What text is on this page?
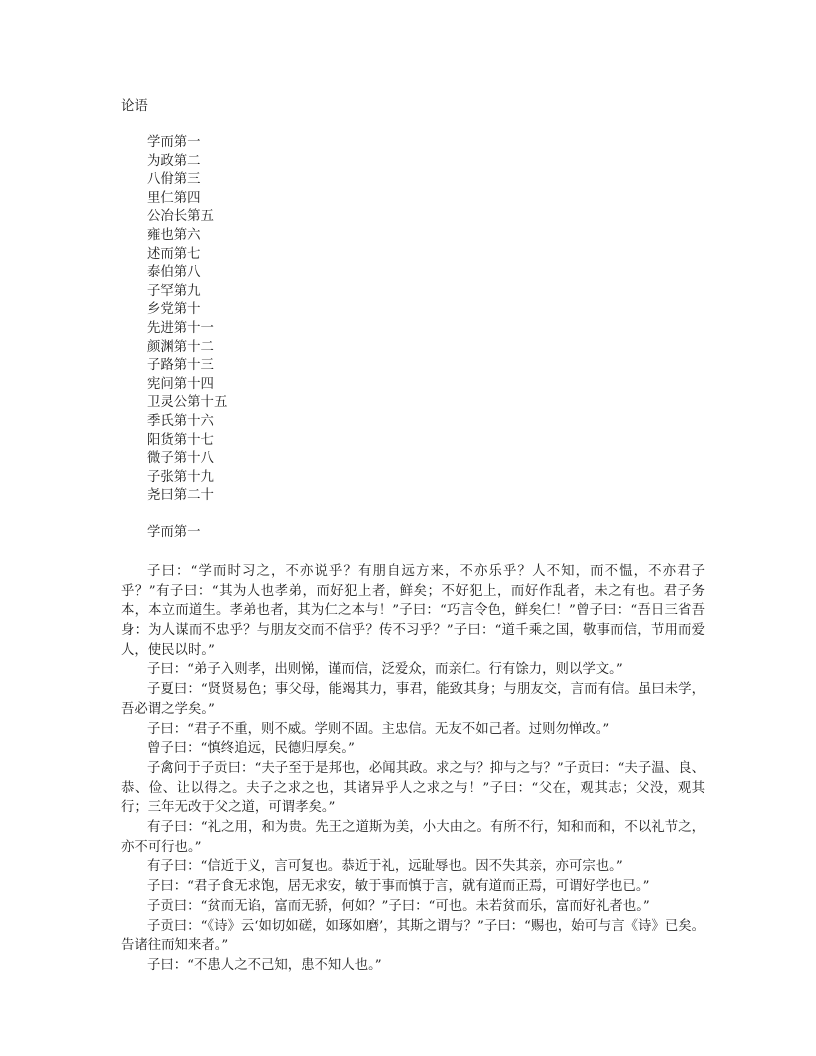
论语
学而第一
为政第二
八佾第三
里仁第四
公冶长第五
雍也第六
述而第七
泰伯第八
子罕第九
乡党第十
先进第十一
颜渊第十二
子路第十三
宪问第十四
卫灵公第十五
季氏第十六
阳货第十七
微子第十八
子张第十九
尧曰第二十
学而第一

子曰：“学而时习之，不亦说乎？有朋自远方来，不亦乐乎？人不知，而不愠，不亦君子乎？”有子曰：“其为人也孝弟，而好犯上者，鲜矣；不好犯上，而好作乱者，未之有也。君子务本，本立而道生。孝弟也者，其为仁之本与！”子曰：“巧言令色，鲜矣仁！”曾子曰：“吾日三省吾身：为人谋而不忠乎？与朋友交而不信乎？传不习乎？”子曰：“道千乘之国，敬事而信，节用而爱人，使民以时。”

子曰：“弟子入则孝，出则悌，谨而信，泛爱众，而亲仁。行有馀力，则以学文。”

子夏曰：“贤贤易色；事父母，能竭其力，事君，能致其身；与朋友交，言而有信。虽曰未学，吾必谓之学矣。”

子曰：“君子不重，则不威。学则不固。主忠信。无友不如己者。过则勿惮改。”

曾子曰：“慎终追远，民德归厚矣。”

子禽问于子贡曰：“夫子至于是邦也，必闻其政。求之与？抑与之与？”子贡曰：“夫子温、良、恭、俭、让以得之。夫子之求之也，其诸异乎人之求之与！”子曰：“父在，观其志；父没，观其行；三年无改于父之道，可谓孝矣。”

有子曰：“礼之用，和为贵。先王之道斯为美，小大由之。有所不行，知和而和，不以礼节之，亦不可行也。”

有子曰：“信近于义，言可复也。恭近于礼，远耻辱也。因不失其亲，亦可宗也。”

子曰：“君子食无求饱，居无求安，敏于事而慎于言，就有道而正焉，可谓好学也已。”

子贡曰：“贫而无谄，富而无骄，何如？”子曰：“可也。未若贫而乐，富而好礼者也。”

子贡曰：“《诗》云‘如切如磋，如琢如磨’，其斯之谓与？”子曰：“赐也，始可与言《诗》已矣。告诸往而知来者。”

子曰：“不患人之不己知，患不知人也。”
